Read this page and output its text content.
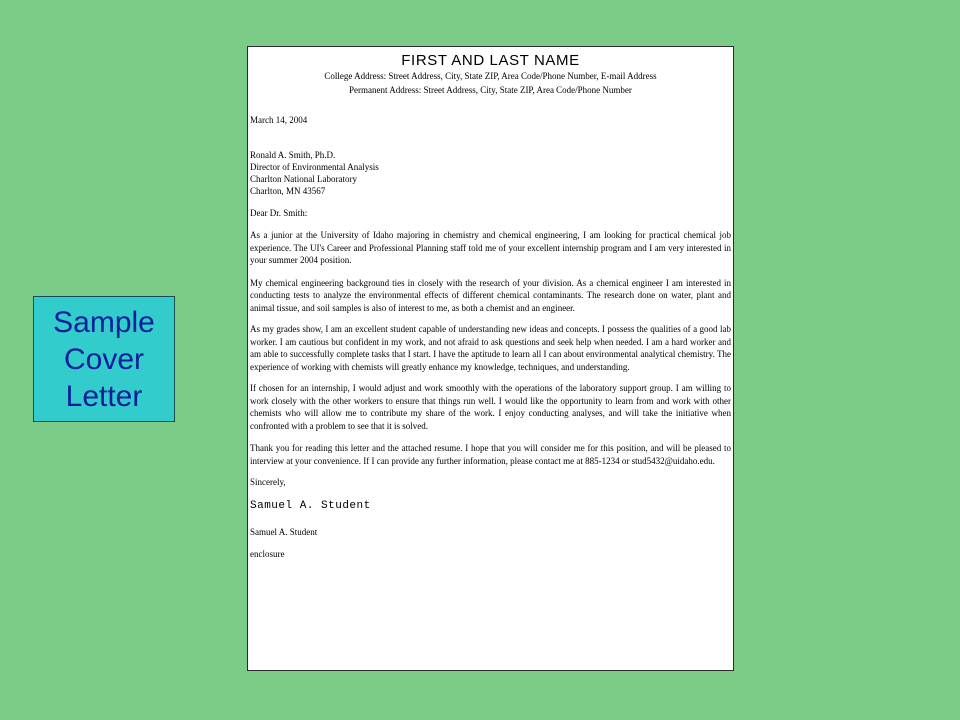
Sample
Cover
Letter
FIRST AND LAST NAME
College Address: Street Address, City, State ZIP, Area Code/Phone Number, E-mail Address
Permanent Address: Street Address, City, State ZIP, Area Code/Phone Number
March 14, 2004
Ronald A. Smith, Ph.D.
Director of Environmental Analysis
Charlton National Laboratory
Charlton, MN 43567
Dear Dr. Smith:
As a junior at the University of Idaho majoring in chemistry and chemical engineering, I am looking for practical chemical job experience. The UI's Career and Professional Planning staff told me of your excellent internship program and I am very interested in your summer 2004 position.
My chemical engineering background ties in closely with the research of your division. As a chemical engineer I am interested in conducting tests to analyze the environmental effects of different chemical contaminants. The research done on water, plant and animal tissue, and soil samples is also of interest to me, as both a chemist and an engineer.
As my grades show, I am an excellent student capable of understanding new ideas and concepts. I possess the qualities of a good lab worker. I am cautious but confident in my work, and not afraid to ask questions and seek help when needed. I am a hard worker and am able to successfully complete tasks that I start. I have the aptitude to learn all I can about environmental analytical chemistry. The experience of working with chemists will greatly enhance my knowledge, techniques, and understanding.
If chosen for an internship, I would adjust and work smoothly with the operations of the laboratory support group. I am willing to work closely with the other workers to ensure that things run well. I would like the opportunity to learn from and work with other chemists who will allow me to contribute my share of the work. I enjoy conducting analyses, and will take the initiative when confronted with a problem to see that it is solved.
Thank you for reading this letter and the attached resume. I hope that you will consider me for this position, and will be pleased to interview at your convenience. If I can provide any further information, please contact me at 885-1234 or stud5432@uidaho.edu.
Sincerely,
Samuel A. Student
Samuel A. Student
enclosure
